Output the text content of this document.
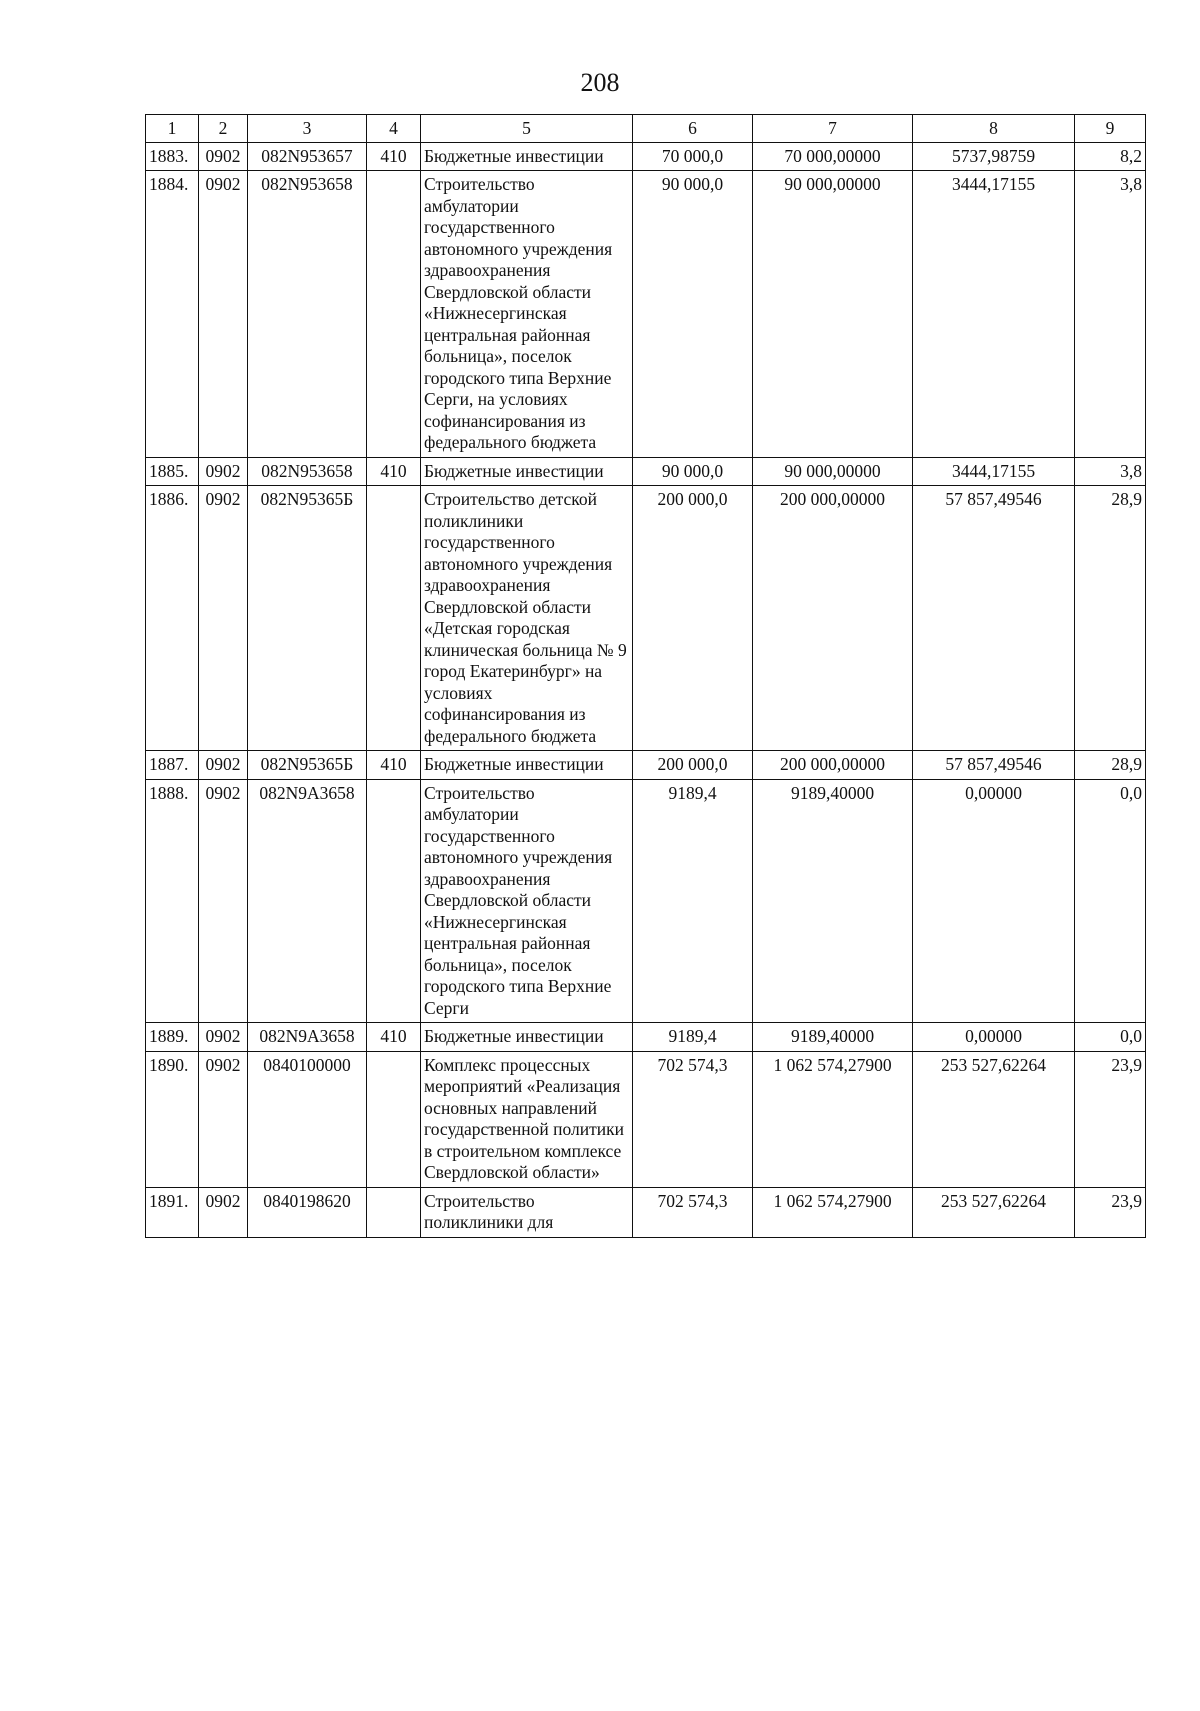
208
1	2	3	4	5	6	7	8	9
1883.	0902	082N953657	410	Бюджетные инвестиции	70 000,0	70 000,00000	5737,98759	8,2
1884.	0902	082N953658		Строительство амбулатории государственного автономного учреждения здравоохранения Свердловской области «Нижнесергинская центральная районная больница», поселок городского типа Верхние Серги, на условиях софинансирования из федерального бюджета	90 000,0	90 000,00000	3444,17155	3,8
1885.	0902	082N953658	410	Бюджетные инвестиции	90 000,0	90 000,00000	3444,17155	3,8
1886.	0902	082N95365Б		Строительство детской поликлиники государственного автономного учреждения здравоохранения Свердловской области «Детская городская клиническая больница № 9 город Екатеринбург» на условиях софинансирования из федерального бюджета	200 000,0	200 000,00000	57 857,49546	28,9
1887.	0902	082N95365Б	410	Бюджетные инвестиции	200 000,0	200 000,00000	57 857,49546	28,9
1888.	0902	082N9A3658		Строительство амбулатории государственного автономного учреждения здравоохранения Свердловской области «Нижнесергинская центральная районная больница», поселок городского типа Верхние Серги	9189,4	9189,40000	0,00000	0,0
1889.	0902	082N9A3658	410	Бюджетные инвестиции	9189,4	9189,40000	0,00000	0,0
1890.	0902	0840100000		Комплекс процессных мероприятий «Реализация основных направлений государственной политики в строительном комплексе Свердловской области»	702 574,3	1 062 574,27900	253 527,62264	23,9
1891.	0902	0840198620		Строительство поликлиники для	702 574,3	1 062 574,27900	253 527,62264	23,9
